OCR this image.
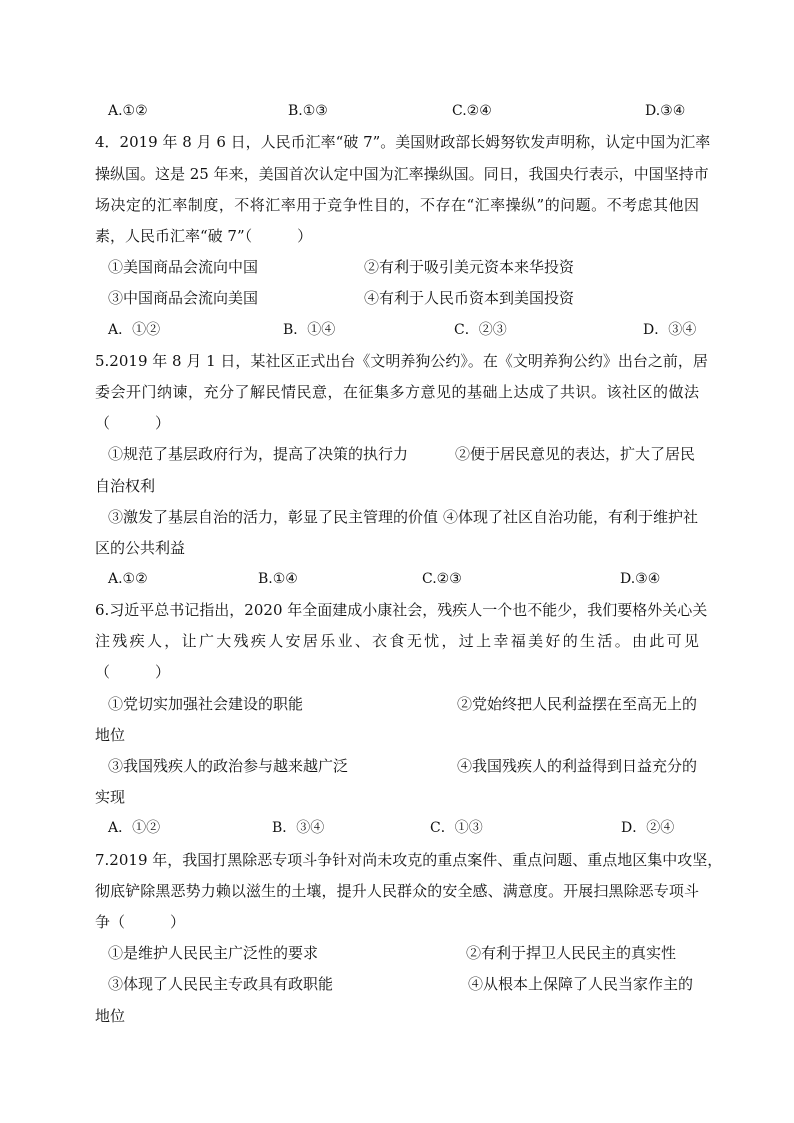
A.①②	B.①③	C.②④	D.③④
4．2019 年 8 月 6 日，人民币汇率“破 7”。美国财政部长姆努钦发声明称，认定中国为汇率
操纵国。这是 25 年来，美国首次认定中国为汇率操纵国。同日，我国央行表示，中国坚持市
场决定的汇率制度，不将汇率用于竞争性目的，不存在“汇率操纵”的问题。不考虑其他因
素，人民币汇率“破 7”（　　　）
①美国商品会流向中国	②有利于吸引美元资本来华投资
③中国商品会流向美国	④有利于人民币资本到美国投资
A．①②	B．①④	C．②③	D．③④
5.2019 年 8 月 1 日，某社区正式出台《文明养狗公约》。在《文明养狗公约》出台之前，居
委会开门纳谏，充分了解民情民意，在征集多方意见的基础上达成了共识。该社区的做法
（　　　）
①规范了基层政府行为，提高了决策的执行力	②便于居民意见的表达，扩大了居民
自治权利
③激发了基层自治的活力，彰显了民主管理的价值 ④体现了社区自治功能，有利于维护社
区的公共利益
A.①②	B.①④	C.②③	D.③④
6.习近平总书记指出，2020 年全面建成小康社会，残疾人一个也不能少，我们要格外关心关
注残疾人，让广大残疾人安居乐业、衣食无忧，过上幸福美好的生活。由此可见
（　　　）
①党切实加强社会建设的职能	②党始终把人民利益摆在至高无上的
地位
③我国残疾人的政治参与越来越广泛	④我国残疾人的利益得到日益充分的
实现
A．①②	B．③④	C．①③	D．②④
7.2019 年，我国打黑除恶专项斗争针对尚未攻克的重点案件、重点问题、重点地区集中攻坚，
彻底铲除黑恶势力赖以滋生的土壤，提升人民群众的安全感、满意度。开展扫黑除恶专项斗
争（　　　）
①是维护人民民主广泛性的要求	②有利于捍卫人民民主的真实性
③体现了人民民主专政具有政职能	④从根本上保障了人民当家作主的
地位
